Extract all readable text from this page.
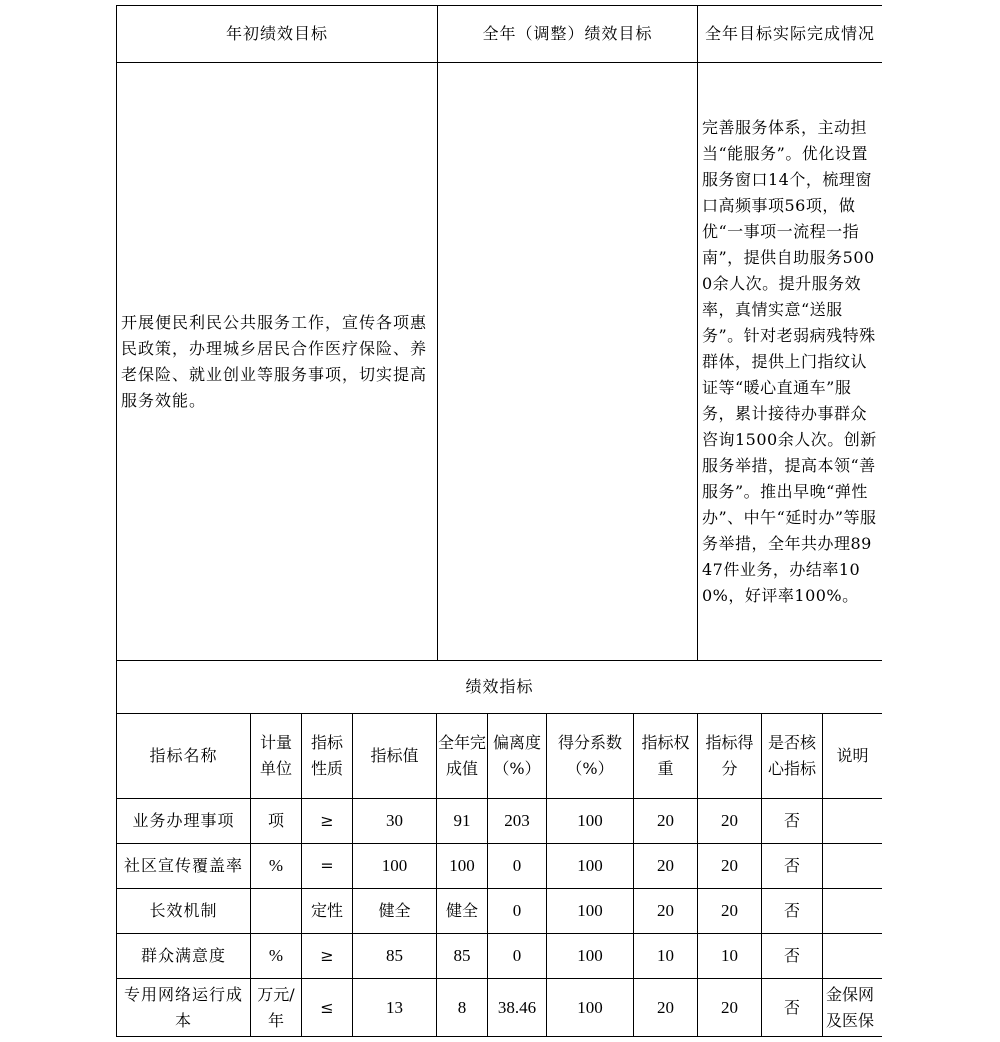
年初绩效目标	全年（调整）绩效目标	全年目标实际完成情况
开展便民利民公共服务工作，宣传各项惠民政策，办理城乡居民合作医疗保险、养老保险、就业创业等服务事项，切实提高服务效能。		完善服务体系，主动担当“能服务”。优化设置服务窗口14个，梳理窗口高频事项56项，做优“一事项一流程一指南”，提供自助服务5000余人次。提升服务效率，真情实意“送服务”。针对老弱病残特殊群体，提供上门指纹认证等“暖心直通车”服务，累计接待办事群众咨询1500余人次。创新服务举措，提高本领“善服务”。推出早晚“弹性办”、中午“延时办”等服务举措，全年共办理8947件业务，办结率100%，好评率100%。
绩效指标										
指标名称	计量单位	指标性质	指标值	全年完成值	偏离度（%）	得分系数（%）	指标权重	指标得分	是否核心指标	说明
业务办理事项	项	≥	30	91	203	100	20	20	否	
社区宣传覆盖率	%	=	100	100	0	100	20	20	否	
长效机制		定性	健全	健全	0	100	20	20	否	
群众满意度	%	≥	85	85	0	100	10	10	否	
专用网络运行成本	万元/年	≤	13	8	38.46	100	20	20	否	金保网及医保
